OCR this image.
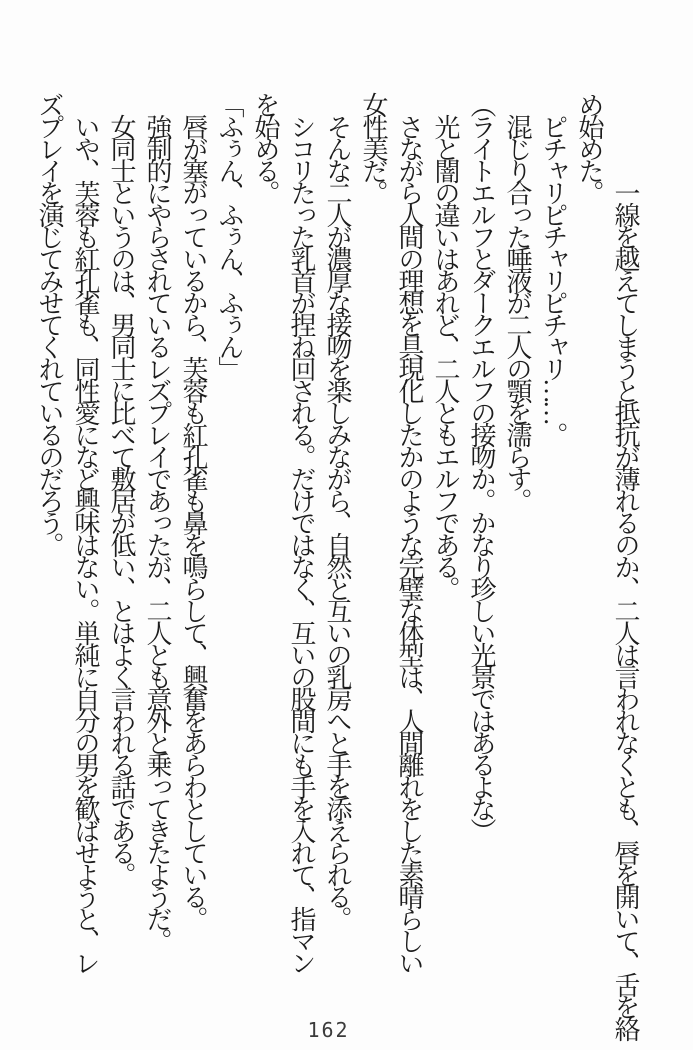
一線を越えてしまうと抵抗が薄れるのか、二人は言われなくとも、唇を開いて、舌を絡

め始めた。

ピチャリピチャリピチャリ……。

混じり合った唾液が二人の顎を濡らす。

（ライトエルフとダークエルフの接吻か。かなり珍しい光景ではあるよな）

光と闇の違いはあれど、二人ともエルフである。

さながら人間の理想を具現化したかのような完璧な体型は、人間離れをした素晴らしい

女性美だ。

そんな二人が濃厚な接吻を楽しみながら、自然と互いの乳房へと手を添えられる。

シコリたった乳首が捏ね回される。だけではなく、互いの股間にも手を入れて、指マン

を始める。

「ふぅん、ふぅん、ふぅん」

唇が塞がっているから、芙蓉も紅孔雀も鼻を鳴らして、興奮をあらわとしている。

強制的にやらされているレズプレイであったが、二人とも意外と乗ってきたようだ。

女同士というのは、男同士に比べて敷居が低い、とはよく言われる話である。

いや、芙蓉も紅孔雀も、同性愛になど興味はない。単純に自分の男を歓ばせようと、レ

ズプレイを演じてみせてくれているのだろう。

162
